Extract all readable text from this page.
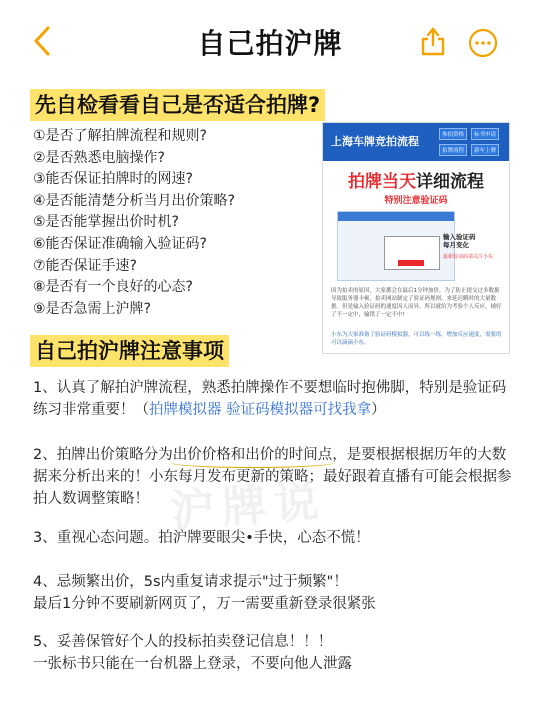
自己拍沪牌
先自检看看自己是否适合拍牌?
①是否了解拍牌流程和规则?
②是否熟悉电脑操作?
③能否保证拍牌时的网速?
④是否能清楚分析当月出价策略?
⑤是否能掌握出价时机?
⑥能否保证准确输入验证码?
⑦能否保证手速?
⑧是否有一个良好的心态?
⑨是否急需上沪牌?
上海车牌竞拍流程	参拍资格	标书申请
拍牌流程	新车上牌
拍牌当天详细流程
特别注意验证码
输入验证码
每月变化
最新验证码请关注小东
因为拍卖的原因，大家都会在最后1分钟加价，为了防止提交过多数据导致服务器卡顿，拍卖网站制定了验证码规则，来延迟瞬时的大量数据。但是输入验证码的速度因人而异，所以就给为考验个人反应，辅好了不一定中，输错了一定不中!
小东为大家准备了验证码模拟器，可以练一练，增加反应速度，需要的可以滴滴小东。
自己拍沪牌注意事项
沪牌说
1、认真了解拍沪牌流程，熟悉拍牌操作不要想临时抱佛脚，特别是验证码练习非常重要！（拍牌模拟器 验证码模拟器可找我拿）
2、拍牌出价策略分为出价价格和出价的时间点，是要根据根据历年的大数据来分析出来的！小东每月发布更新的策略；最好跟着直播有可能会根据参拍人数调整策略！
3、重视心态问题。拍沪牌要眼尖•手快，心态不慌！
4、忌频繁出价，5s内重复请求提示"过于频繁"！
最后1分钟不要刷新网页了，万一需要重新登录很紧张
5、妥善保管好个人的投标拍卖登记信息！！！
一张标书只能在一台机器上登录，不要向他人泄露
